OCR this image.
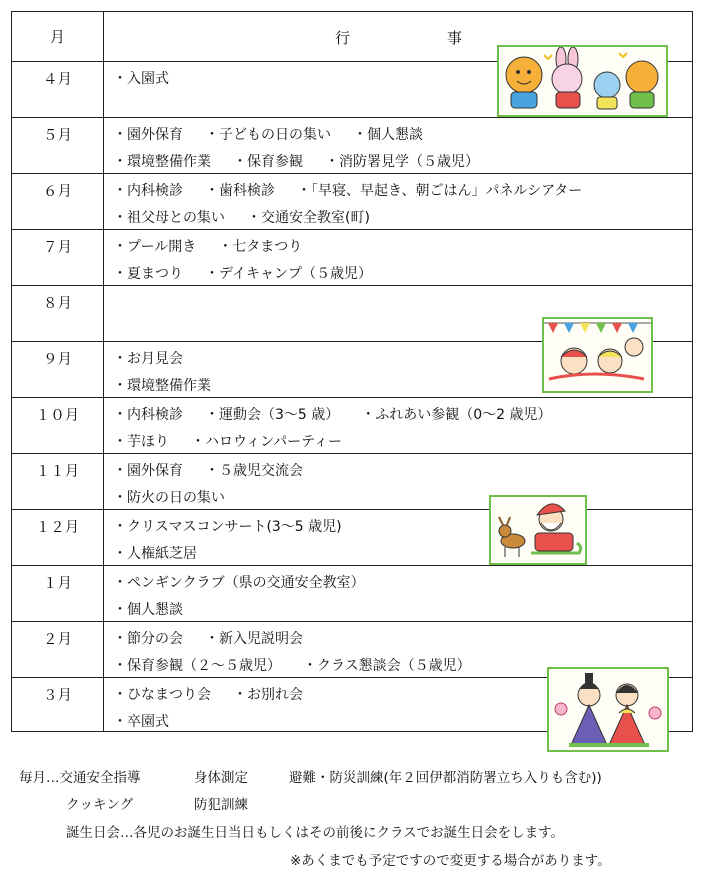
月	行	事
４月	・入園式
５月	・園外保育 ・子どもの日の集い ・個人懇談
・環境整備作業 ・保育参観 ・消防署見学（５歳児）
６月	・内科検診 ・歯科検診 ・「早寝、早起き、朝ごはん」パネルシアター
・祖父母との集い ・交通安全教室(町)
７月	・プール開き ・七タまつり
・夏まつり ・デイキャンプ（５歳児）
８月
９月	・お月見会
・環境整備作業
１０月	・内科検診 ・運動会（3～5 歳） ・ふれあい参観（0～2 歳児）
・芋ほり ・ハロウィンパーティー
１１月	・園外保育 ・５歳児交流会
・防火の日の集い
１２月	・クリスマスコンサート(3～5 歳児)
・人権紙芝居
１月	・ペンギンクラブ（県の交通安全教室）
・個人懇談
２月	・節分の会 ・新入児説明会
・保育参観（２～５歳児） ・クラス懇談会（５歳児）
３月	・ひなまつり会 ・お別れ会
・卒園式
毎月…交通安全指導	身体測定	避難・防災訓練(年２回伊都消防署立ち入りも含む))
クッキング	防犯訓練
誕生日会…各児のお誕生日当日もしくはその前後にクラスでお誕生日会をします。
※あくまでも予定ですので変更する場合があります。
